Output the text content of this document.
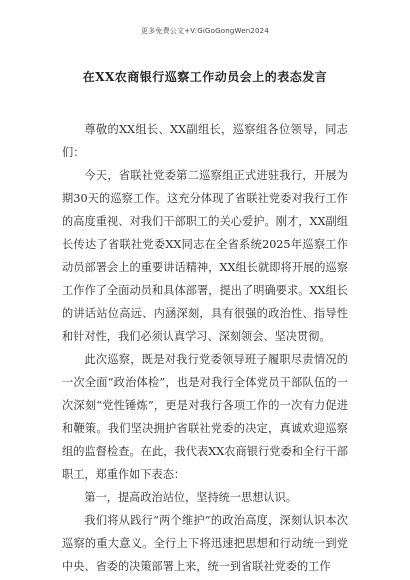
更多免费公文+V:GiGoGongWen2024
在XX农商银行巡察工作动员会上的表态发言

尊敬的XX组长、XX副组长，巡察组各位领导，同志们：

今天，省联社党委第二巡察组正式进驻我行，开展为期30天的巡察工作。这充分体现了省联社党委对我行工作的高度重视、对我们干部职工的关心爱护。刚才，XX副组长传达了省联社党委XX同志在全省系统2025年巡察工作动员部署会上的重要讲话精神，XX组长就即将开展的巡察工作作了全面动员和具体部署，提出了明确要求。XX组长的讲话站位高远、内涵深刻，具有很强的政治性、指导性和针对性，我们必须认真学习、深刻领会、坚决贯彻。

此次巡察，既是对我行党委领导班子履职尽责情况的一次全面“政治体检”，也是对我行全体党员干部队伍的一次深刻“党性锤炼”，更是对我行各项工作的一次有力促进和鞭策。我们坚决拥护省联社党委的决定，真诚欢迎巡察组的监督检查。在此，我代表XX农商银行党委和全行干部职工，郑重作如下表态：

第一，提高政治站位，坚持统一思想认识。

我们将从践行“两个维护”的政治高度，深刻认识本次巡察的重大意义。全行上下将迅速把思想和行动统一到党中央、省委的决策部署上来，统一到省联社党委的工作
